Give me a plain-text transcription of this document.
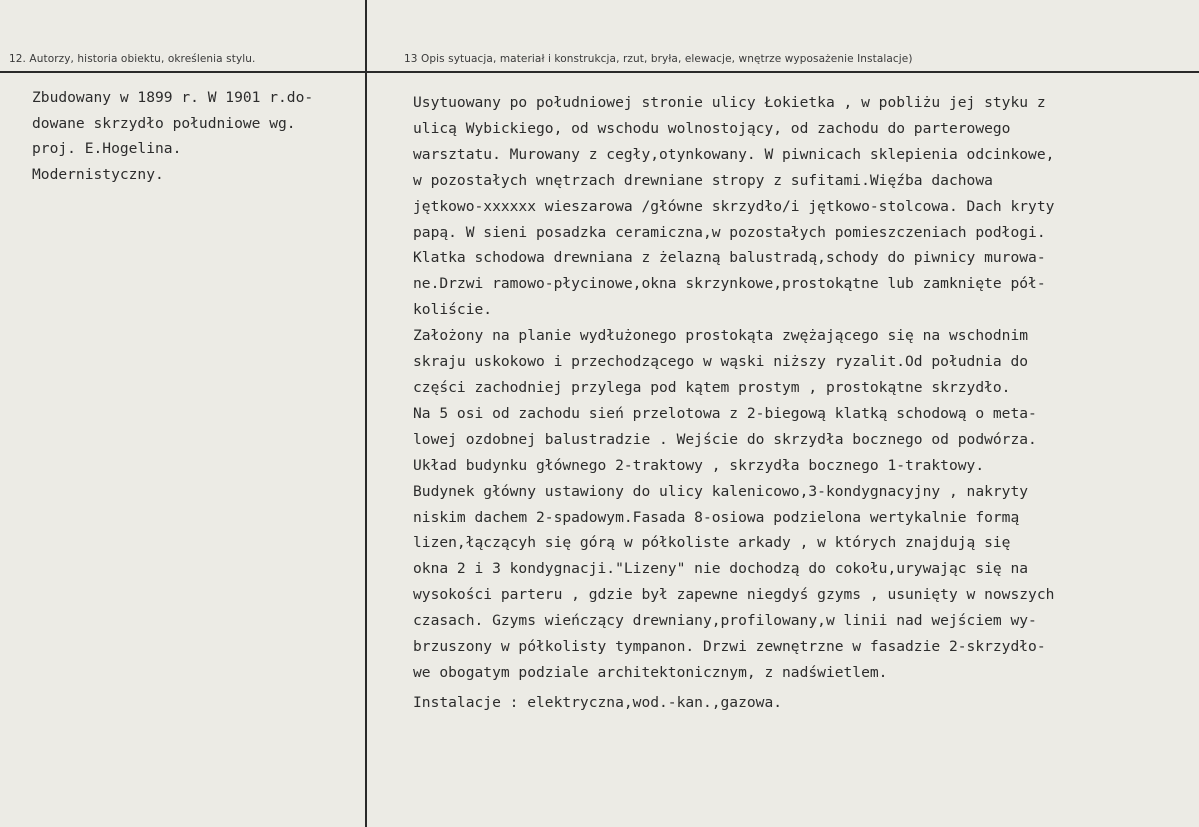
12. Autorzy, historia obiektu, określenia stylu.	13 Opis sytuacja, materiał i konstrukcja, rzut, bryła, elewacje, wnętrze wyposażenie Instalacje)
Zbudowany w 1899 r. W 1901 r.do-
dowane skrzydło południowe wg.
proj. E.Hogelina.
Modernistyczny.
Usytuowany po południowej stronie ulicy Łokietka , w pobliżu jej styku z
ulicą Wybickiego, od wschodu wolnostojący, od zachodu do parterowego
warsztatu. Murowany z cegły,otynkowany. W piwnicach sklepienia odcinkowe,
w pozostałych wnętrzach drewniane stropy z sufitami.Więźba dachowa
jętkowo-xxxxxx wieszarowa /główne skrzydło/i jętkowo-stolcowa. Dach kryty
papą. W sieni posadzka ceramiczna,w pozostałych pomieszczeniach podłogi.
Klatka schodowa drewniana z żelazną balustradą,schody do piwnicy murowa-
ne.Drzwi ramowo-płycinowe,okna skrzynkowe,prostokątne lub zamknięte pół-
koliście.
Założony na planie wydłużonego prostokąta zwężającego się na wschodnim
skraju uskokowo i przechodzącego w wąski niższy ryzalit.Od południa do
części zachodniej przylega pod kątem prostym , prostokątne skrzydło.
Na 5 osi od zachodu sień przelotowa z 2-biegową klatką schodową o meta-
lowej ozdobnej balustradzie . Wejście do skrzydła bocznego od podwórza.
Układ budynku głównego 2-traktowy , skrzydła bocznego 1-traktowy.
Budynek główny ustawiony do ulicy kalenicowo,3-kondygnacyjny , nakryty
niskim dachem 2-spadowym.Fasada 8-osiowa podzielona wertykalnie formą
lizen,łączącyh się górą w półkoliste arkady , w których znajdują się
okna 2 i 3 kondygnacji."Lizeny" nie dochodzą do cokołu,urywając się na
wysokości parteru , gdzie był zapewne niegdyś gzyms , usunięty w nowszych
czasach. Gzyms wieńczący drewniany,profilowany,w linii nad wejściem wy-
brzuszony w półkolisty tympanon. Drzwi zewnętrzne w fasadzie 2-skrzydło-
we obogatym podziale architektonicznym, z nadświetlem.
Instalacje : elektryczna,wod.-kan.,gazowa.
